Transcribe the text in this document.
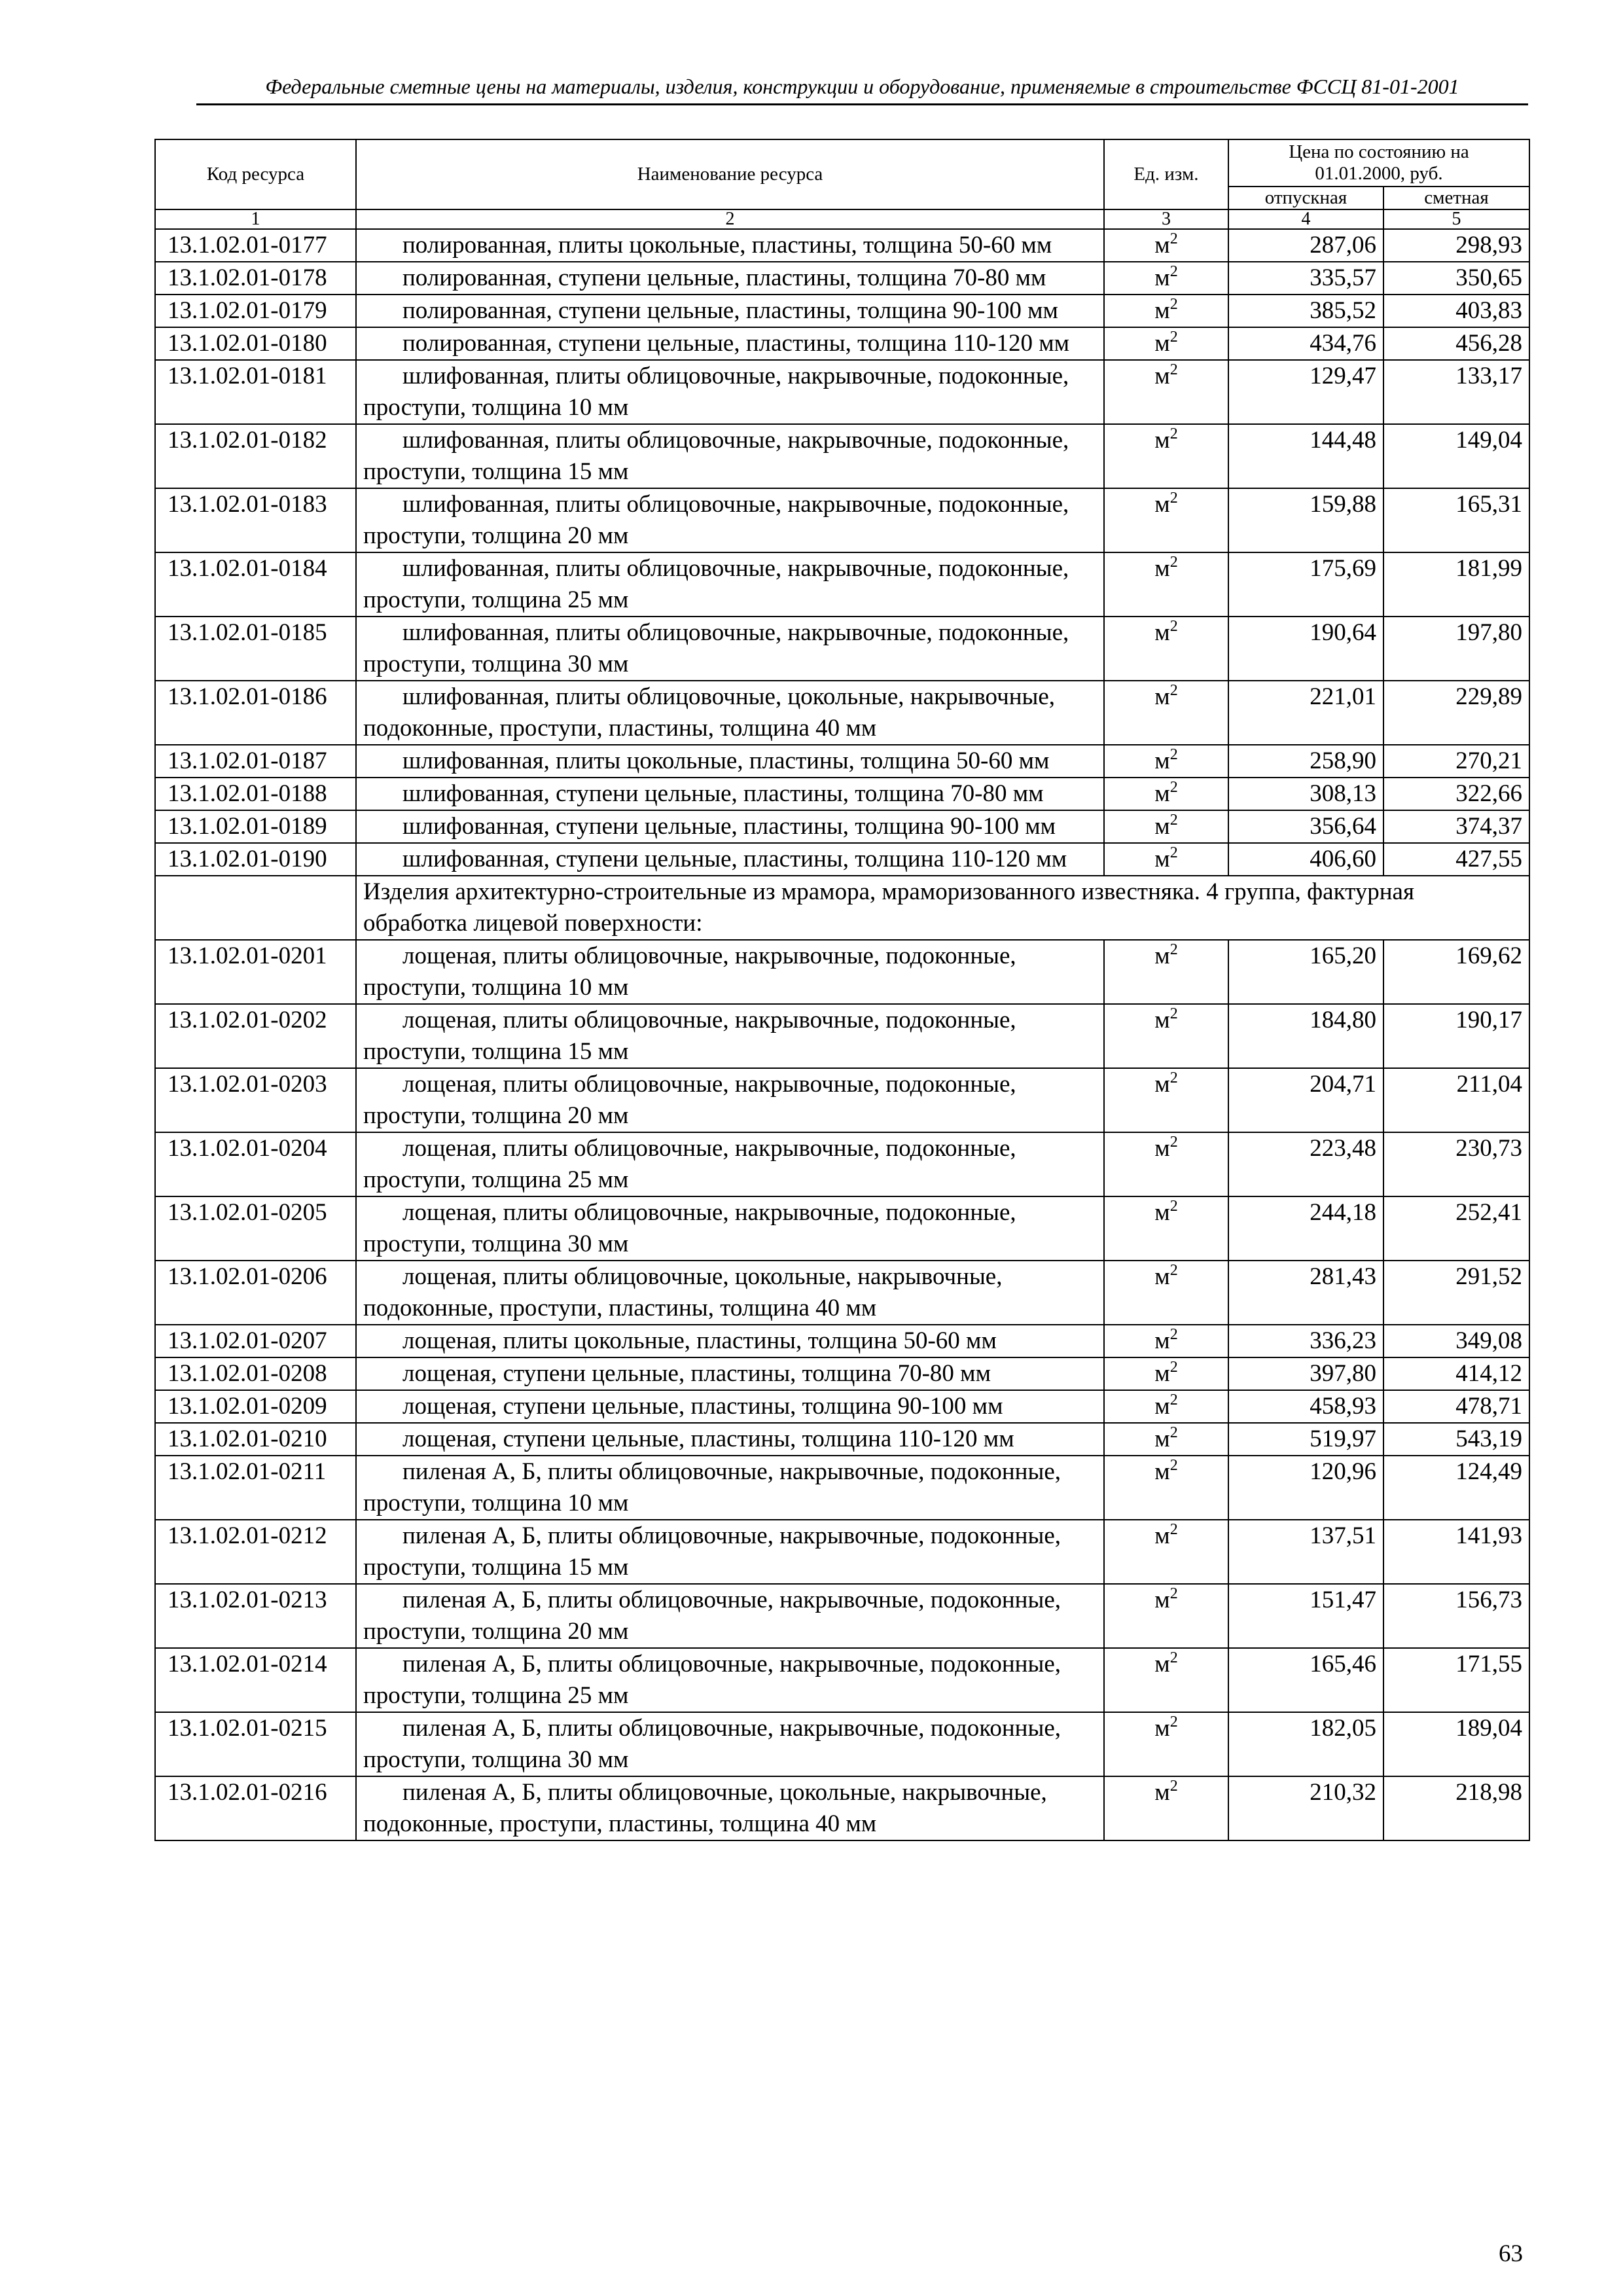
Федеральные сметные цены на материалы, изделия, конструкции и оборудование, применяемые в строительстве ФССЦ 81-01-2001
Код ресурса	Наименование ресурса	Ед. изм.	Цена по состоянию на 01.01.2000, руб.	
			отпускная	сметная
1	2	3	4	5
13.1.02.01-0177	полированная, плиты цокольные, пластины, толщина 50-60 мм	$м^2$	287,06	298,93
13.1.02.01-0178	полированная, ступени цельные, пластины, толщина 70-80 мм	$м^2$	335,57	350,65
13.1.02.01-0179	полированная, ступени цельные, пластины, толщина 90-100 мм	$м^2$	385,52	403,83
13.1.02.01-0180	полированная, ступени цельные, пластины, толщина 110-120 мм	$м^2$	434,76	456,28
13.1.02.01-0181	шлифованная, плиты облицовочные, накрывочные, подоконные, проступи, толщина 10 мм	$м^2$	129,47	133,17
13.1.02.01-0182	шлифованная, плиты облицовочные, накрывочные, подоконные, проступи, толщина 15 мм	$м^2$	144,48	149,04
13.1.02.01-0183	шлифованная, плиты облицовочные, накрывочные, подоконные, проступи, толщина 20 мм	$м^2$	159,88	165,31
13.1.02.01-0184	шлифованная, плиты облицовочные, накрывочные, подоконные, проступи, толщина 25 мм	$м^2$	175,69	181,99
13.1.02.01-0185	шлифованная, плиты облицовочные, накрывочные, подоконные, проступи, толщина 30 мм	$м^2$	190,64	197,80
13.1.02.01-0186	шлифованная, плиты облицовочные, цокольные, накрывочные, подоконные, проступи, пластины, толщина 40 мм	$м^2$	221,01	229,89
13.1.02.01-0187	шлифованная, плиты цокольные, пластины, толщина 50-60 мм	$м^2$	258,90	270,21
13.1.02.01-0188	шлифованная, ступени цельные, пластины, толщина 70-80 мм	$м^2$	308,13	322,66
13.1.02.01-0189	шлифованная, ступени цельные, пластины, толщина 90-100 мм	$м^2$	356,64	374,37
13.1.02.01-0190	шлифованная, ступени цельные, пластины, толщина 110-120 мм	$м^2$	406,60	427,55
	Изделия архитектурно-строительные из мрамора, мраморизованного известняка. 4 группа, фактурная обработка лицевой поверхности:			
13.1.02.01-0201	лощеная, плиты облицовочные, накрывочные, подоконные, проступи, толщина 10 мм	$м^2$	165,20	169,62
13.1.02.01-0202	лощеная, плиты облицовочные, накрывочные, подоконные, проступи, толщина 15 мм	$м^2$	184,80	190,17
13.1.02.01-0203	лощеная, плиты облицовочные, накрывочные, подоконные, проступи, толщина 20 мм	$м^2$	204,71	211,04
13.1.02.01-0204	лощеная, плиты облицовочные, накрывочные, подоконные, проступи, толщина 25 мм	$м^2$	223,48	230,73
13.1.02.01-0205	лощеная, плиты облицовочные, накрывочные, подоконные, проступи, толщина 30 мм	$м^2$	244,18	252,41
13.1.02.01-0206	лощеная, плиты облицовочные, цокольные, накрывочные, подоконные, проступи, пластины, толщина 40 мм	$м^2$	281,43	291,52
13.1.02.01-0207	лощеная, плиты цокольные, пластины, толщина 50-60 мм	$м^2$	336,23	349,08
13.1.02.01-0208	лощеная, ступени цельные, пластины, толщина 70-80 мм	$м^2$	397,80	414,12
13.1.02.01-0209	лощеная, ступени цельные, пластины, толщина 90-100 мм	$м^2$	458,93	478,71
13.1.02.01-0210	лощеная, ступени цельные, пластины, толщина 110-120 мм	$м^2$	519,97	543,19
13.1.02.01-0211	пиленая А, Б, плиты облицовочные, накрывочные, подоконные, проступи, толщина 10 мм	$м^2$	120,96	124,49
13.1.02.01-0212	пиленая А, Б, плиты облицовочные, накрывочные, подоконные, проступи, толщина 15 мм	$м^2$	137,51	141,93
13.1.02.01-0213	пиленая А, Б, плиты облицовочные, накрывочные, подоконные, проступи, толщина 20 мм	$м^2$	151,47	156,73
13.1.02.01-0214	пиленая А, Б, плиты облицовочные, накрывочные, подоконные, проступи, толщина 25 мм	$м^2$	165,46	171,55
13.1.02.01-0215	пиленая А, Б, плиты облицовочные, накрывочные, подоконные, проступи, толщина 30 мм	$м^2$	182,05	189,04
13.1.02.01-0216	пиленая А, Б, плиты облицовочные, цокольные, накрывочные, подоконные, проступи, пластины, толщина 40 мм	$м^2$	210,32	218,98
63
